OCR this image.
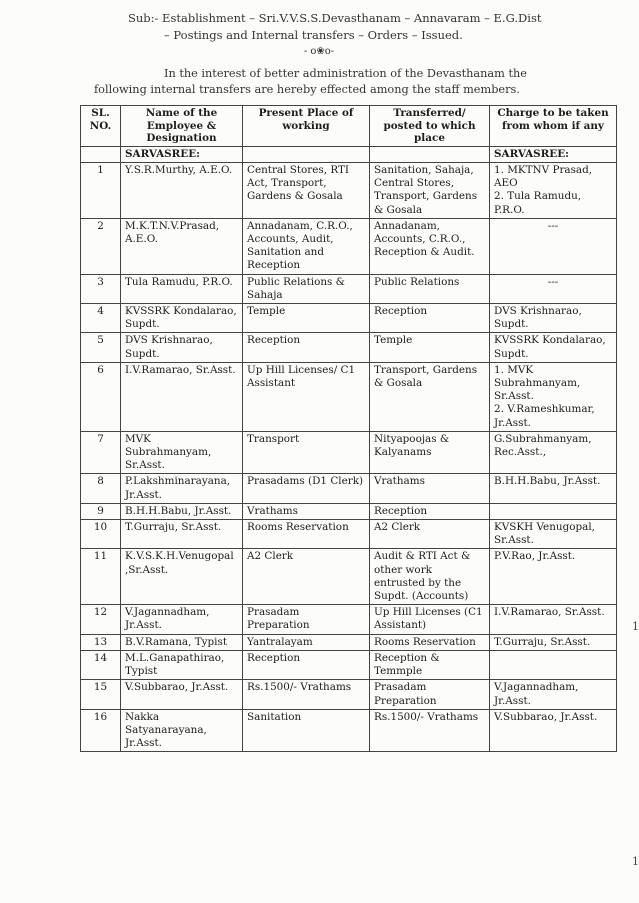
Sub:- Establishment – Sri.V.V.S.S.Devasthanam – Annavaram – E.G.Dist
– Postings and Internal transfers – Orders – Issued.
- o❀o-
In the interest of better administration of the Devasthanam the
following internal transfers are hereby effected among the staff members.
SL. NO.	Name of the Employee & Designation	Present Place of working	Transferred/ posted to which place	Charge to be taken from whom if any
	SARVASREE:			SARVASREE:
1	Y.S.R.Murthy, A.E.O.	Central Stores, RTI Act, Transport, Gardens & Gosala	Sanitation, Sahaja, Central Stores, Transport, Gardens & Gosala	1. MKTNV Prasad, AEO
2. Tula Ramudu, P.R.O.
2	M.K.T.N.V.Prasad, A.E.O.	Annadanam, C.R.O., Accounts, Audit, Sanitation and Reception	Annadanam, Accounts, C.R.O., Reception & Audit.	---
3	Tula Ramudu, P.R.O.	Public Relations & Sahaja	Public Relations	---
4	KVSSRK Kondalarao, Supdt.	Temple	Reception	DVS Krishnarao, Supdt.
5	DVS Krishnarao, Supdt.	Reception	Temple	KVSSRK Kondalarao, Supdt.
6	I.V.Ramarao, Sr.Asst.	Up Hill Licenses/ C1 Assistant	Transport, Gardens & Gosala	1. MVK Subrahmanyam, Sr.Asst.
2. V.Rameshkumar, Jr.Asst.
7	MVK Subrahmanyam, Sr.Asst.	Transport	Nityapoojas & Kalyanams	G.Subrahmanyam, Rec.Asst.,
8	P.Lakshminarayana, Jr.Asst.	Prasadams (D1 Clerk)	Vrathams	B.H.H.Babu, Jr.Asst.
9	B.H.H.Babu, Jr.Asst.	Vrathams	Reception	
10	T.Gurraju, Sr.Asst.	Rooms Reservation	A2 Clerk	KVSKH Venugopal, Sr.Asst.
11	K.V.S.K.H.Venugopal ,Sr.Asst.	A2 Clerk	Audit & RTI Act & other work entrusted by the Supdt. (Accounts)	P.V.Rao, Jr.Asst.
12	V.Jagannadham, Jr.Asst.	Prasadam Preparation	Up Hill Licenses (C1 Assistant)	I.V.Ramarao, Sr.Asst.
13	B.V.Ramana, Typist	Yantralayam	Rooms Reservation	T.Gurraju, Sr.Asst.
14	M.L.Ganapathirao, Typist	Reception	Reception & Temmple	
15	V.Subbarao, Jr.Asst.	Rs.1500/- Vrathams	Prasadam Preparation	V.Jagannadham, Jr.Asst.
16	Nakka Satyanarayana, Jr.Asst.	Sanitation	Rs.1500/- Vrathams	V.Subbarao, Jr.Asst.
1
1
